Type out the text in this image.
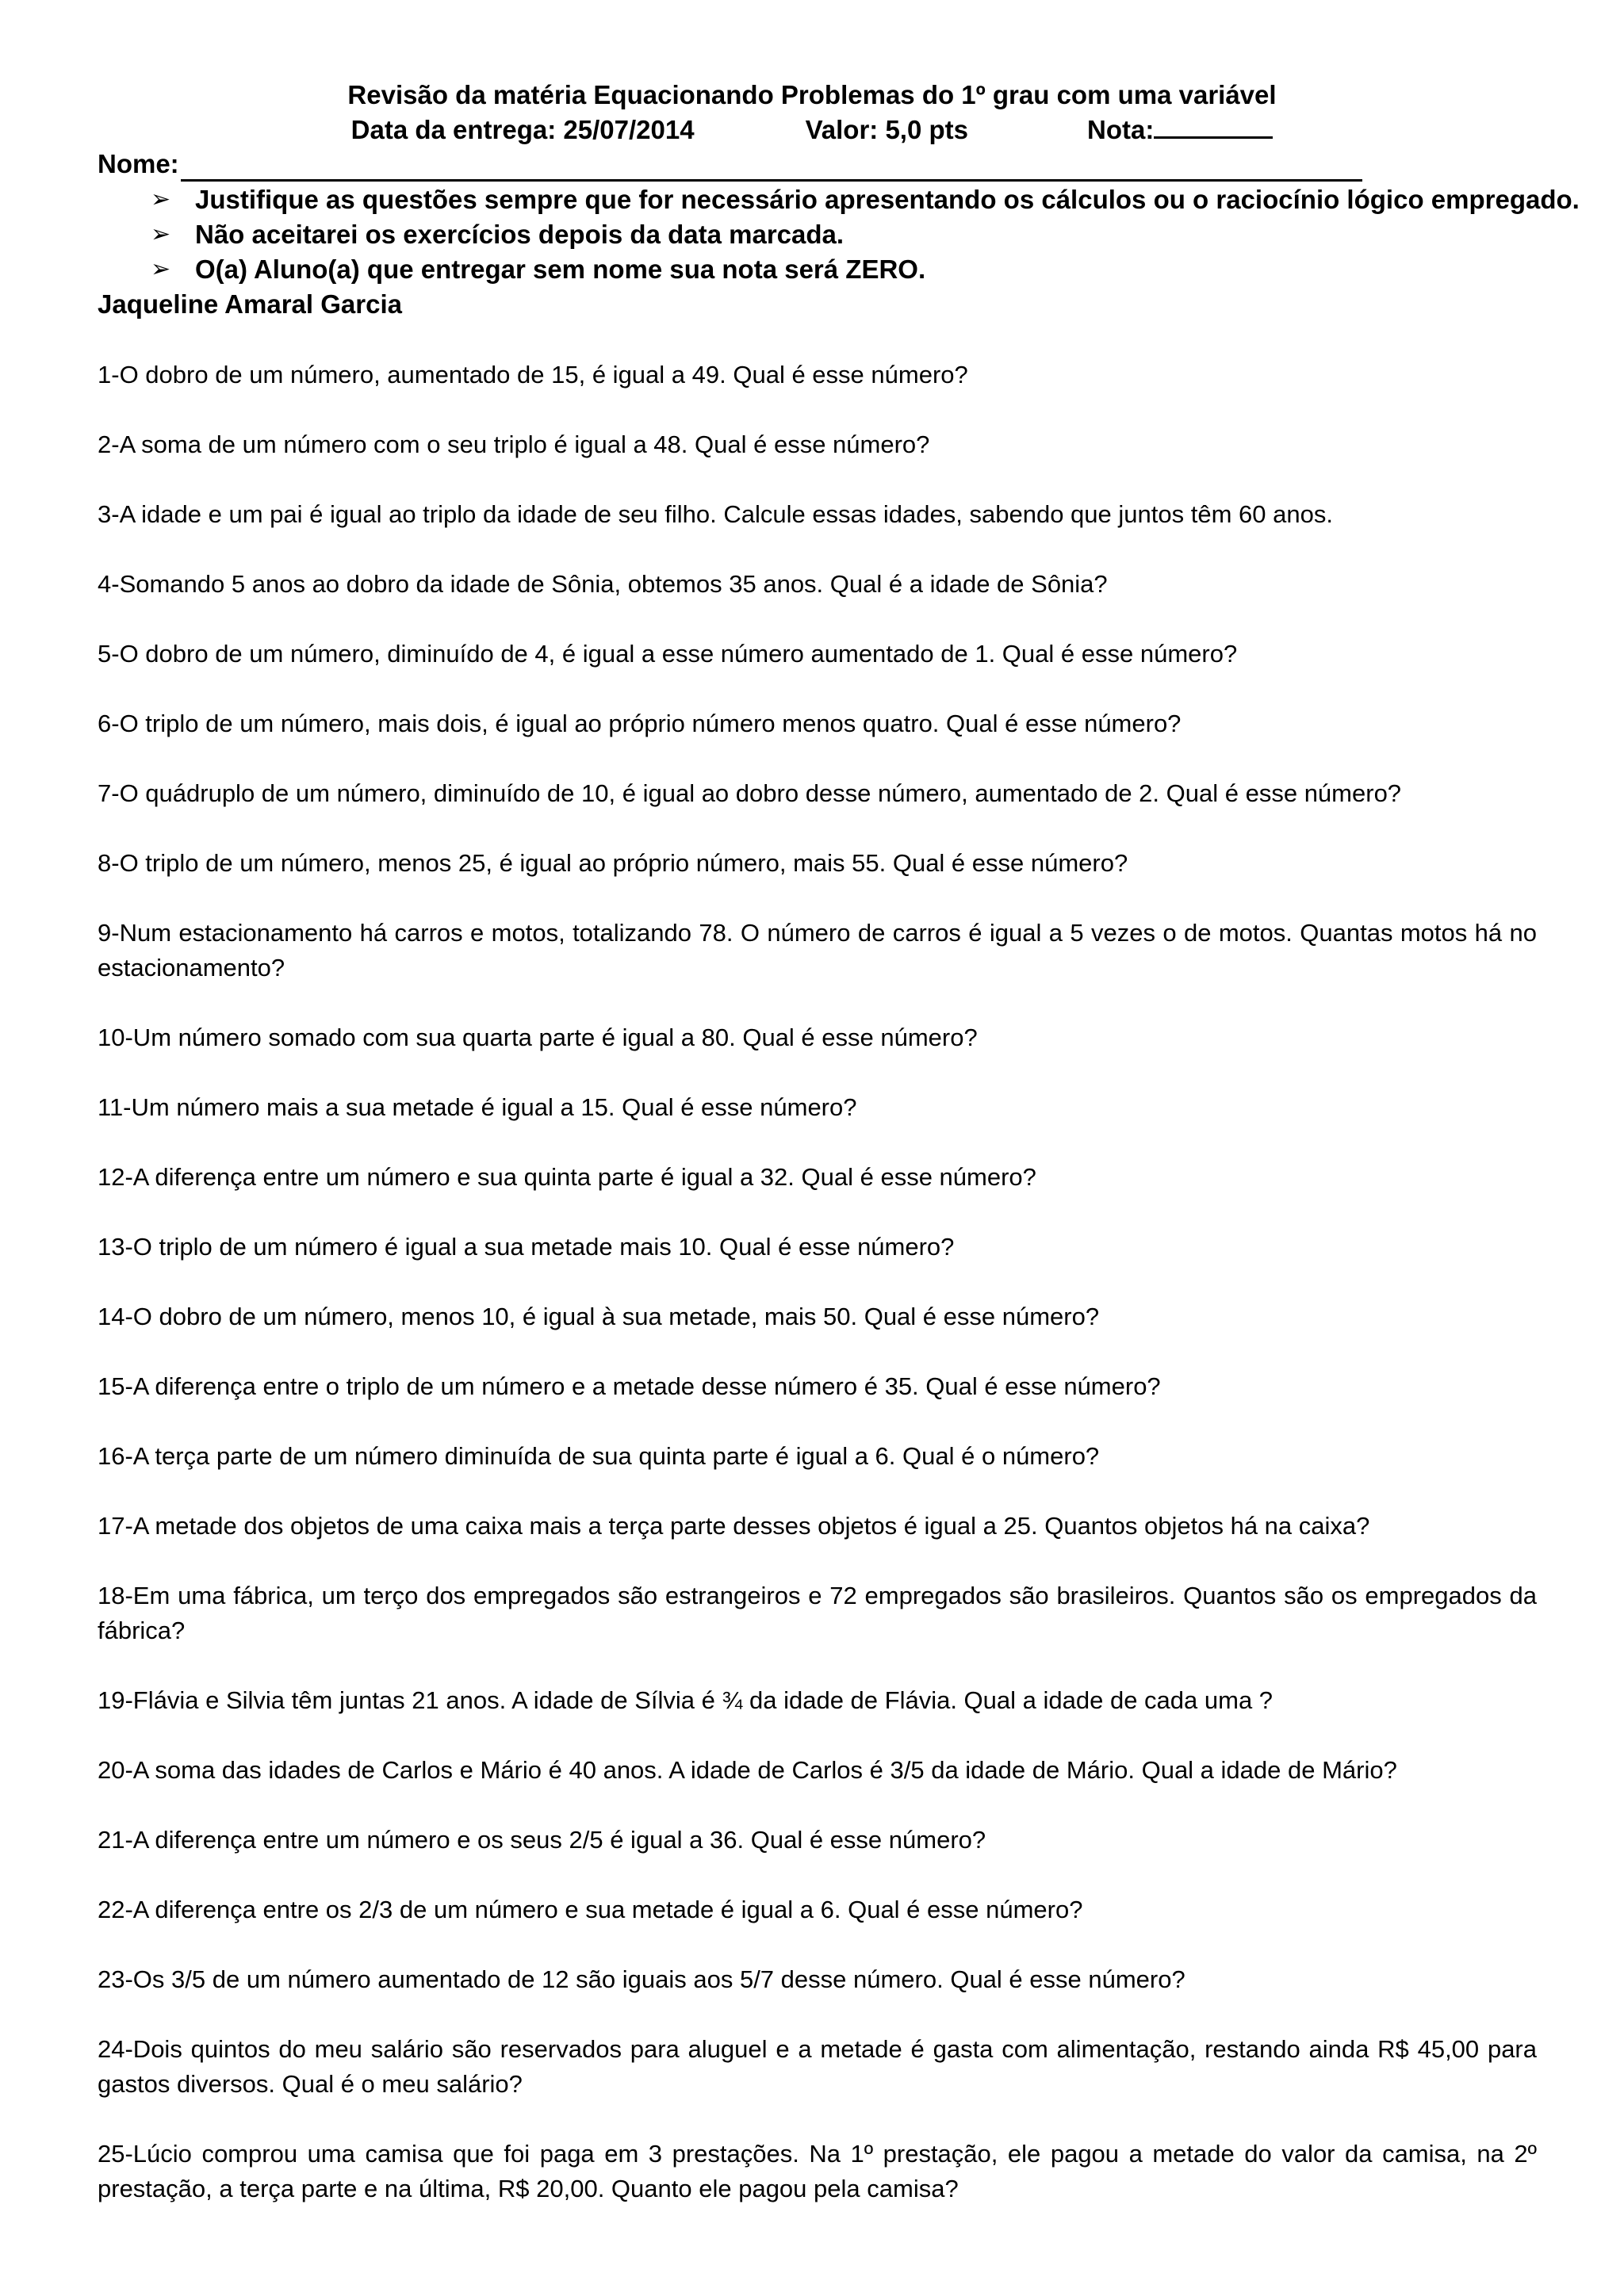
Revisão da matéria Equacionando Problemas do 1º grau com uma variável
Data da entrega: 25/07/2014	Valor: 5,0 pts	Nota:
Nome:
➢ Justifique as questões sempre que for necessário apresentando os cálculos ou o raciocínio lógico empregado.
➢ Não aceitarei os exercícios depois da data marcada.
➢ O(a) Aluno(a) que entregar sem nome sua nota será ZERO.
Jaqueline Amaral Garcia

1-O dobro de um número, aumentado de 15, é igual a 49. Qual é esse número?

2-A soma de um número com o seu triplo é igual a 48. Qual é esse número?

3-A idade e um pai é igual ao triplo da idade de seu filho. Calcule essas idades, sabendo que juntos têm 60 anos.

4-Somando 5 anos ao dobro da idade de Sônia, obtemos 35 anos. Qual é a idade de Sônia?

5-O dobro de um número, diminuído de 4, é igual a esse número aumentado de 1. Qual é esse número?

6-O triplo de um número, mais dois, é igual ao próprio número menos quatro. Qual é esse número?

7-O quádruplo de um número, diminuído de 10, é igual ao dobro desse número, aumentado de 2. Qual é esse número?

8-O triplo de um número, menos 25, é igual ao próprio número, mais 55. Qual é esse número?

9-Num estacionamento há carros e motos, totalizando 78. O número de carros é igual a 5 vezes o de motos. Quantas motos há no estacionamento?

10-Um número somado com sua quarta parte é igual a 80. Qual é esse número?

11-Um número mais a sua metade é igual a 15. Qual é esse número?

12-A diferença entre um número e sua quinta parte é igual a 32. Qual é esse número?

13-O triplo de um número é igual a sua metade mais 10. Qual é esse número?

14-O dobro de um número, menos 10, é igual à sua metade, mais 50. Qual é esse número?

15-A diferença entre o triplo de um número e a metade desse número é 35. Qual é esse número?

16-A terça parte de um número diminuída de sua quinta parte é igual a 6. Qual é o número?

17-A metade dos objetos de uma caixa mais a terça parte desses objetos é igual a 25. Quantos objetos há na caixa?

18-Em uma fábrica, um terço dos empregados são estrangeiros e 72 empregados são brasileiros. Quantos são os empregados da fábrica?

19-Flávia e Silvia têm juntas 21 anos. A idade de Sílvia é ¾ da idade de Flávia. Qual a idade de cada uma ?

20-A soma das idades de Carlos e Mário é 40 anos. A idade de Carlos é 3/5 da idade de Mário. Qual a idade de Mário?

21-A diferença entre um número e os seus 2/5 é igual a 36. Qual é esse número?

22-A diferença entre os 2/3 de um número e sua metade é igual a 6. Qual é esse número?

23-Os 3/5 de um número aumentado de 12 são iguais aos 5/7 desse número. Qual é esse número?

24-Dois quintos do meu salário são reservados para aluguel e a metade é gasta com alimentação, restando ainda R$ 45,00 para gastos diversos. Qual é o meu salário?

25-Lúcio comprou uma camisa que foi paga em 3 prestações. Na 1º prestação, ele pagou a metade do valor da camisa, na 2º prestação, a terça parte e na última, R$ 20,00. Quanto ele pagou pela camisa?
